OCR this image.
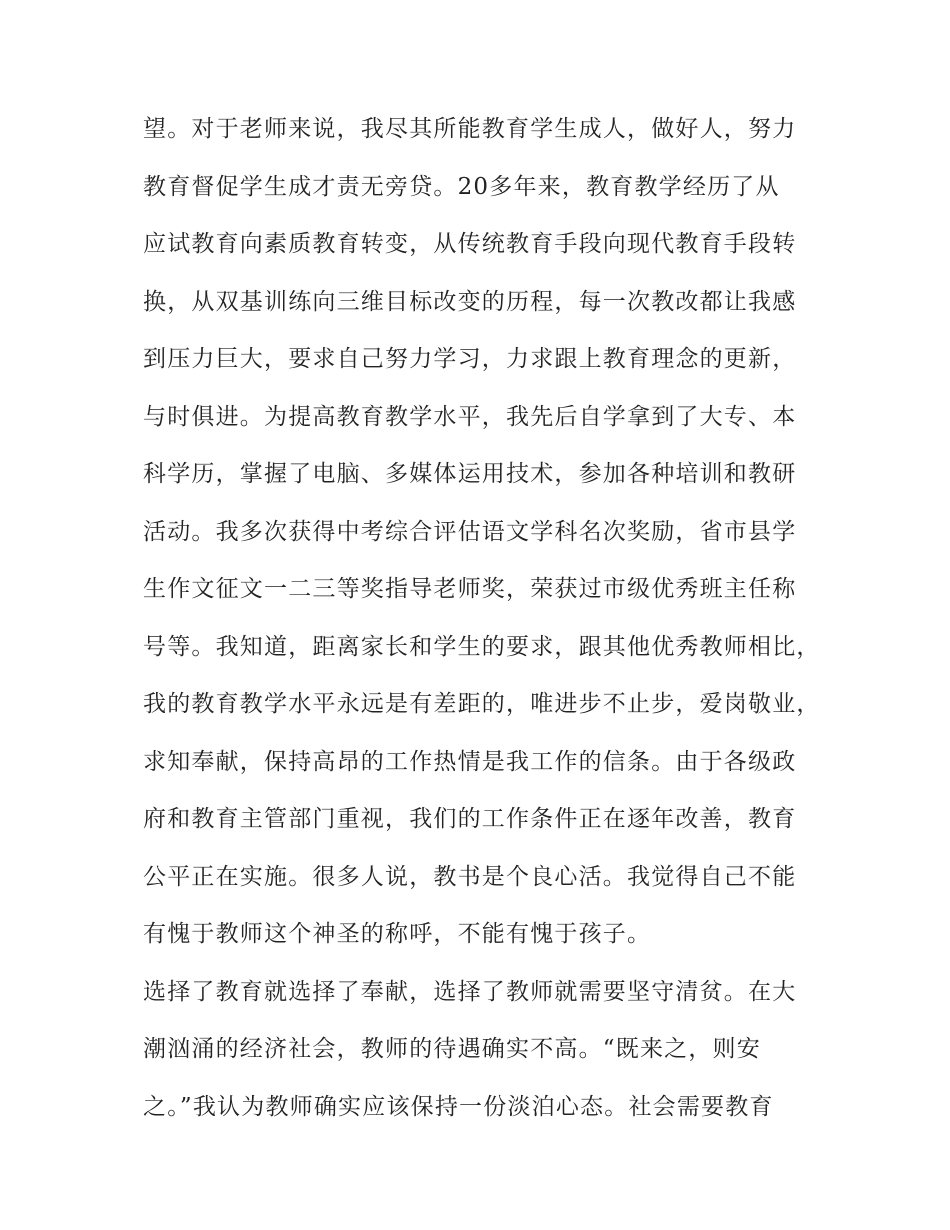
望。对于老师来说，我尽其所能教育学生成人，做好人，努力
教育督促学生成才责无旁贷。20多年来，教育教学经历了从
应试教育向素质教育转变，从传统教育手段向现代教育手段转
换，从双基训练向三维目标改变的历程，每一次教改都让我感
到压力巨大，要求自己努力学习，力求跟上教育理念的更新，
与时俱进。为提高教育教学水平，我先后自学拿到了大专、本
科学历，掌握了电脑、多媒体运用技术，参加各种培训和教研
活动。我多次获得中考综合评估语文学科名次奖励，省市县学
生作文征文一二三等奖指导老师奖，荣获过市级优秀班主任称
号等。我知道，距离家长和学生的要求，跟其他优秀教师相比，
我的教育教学水平永远是有差距的，唯进步不止步，爱岗敬业，
求知奉献，保持高昂的工作热情是我工作的信条。由于各级政
府和教育主管部门重视，我们的工作条件正在逐年改善，教育
公平正在实施。很多人说，教书是个良心活。我觉得自己不能
有愧于教师这个神圣的称呼，不能有愧于孩子。
选择了教育就选择了奉献，选择了教师就需要坚守清贫。在大
潮汹涌的经济社会，教师的待遇确实不高。“既来之，则安
之。”我认为教师确实应该保持一份淡泊心态。社会需要教育
